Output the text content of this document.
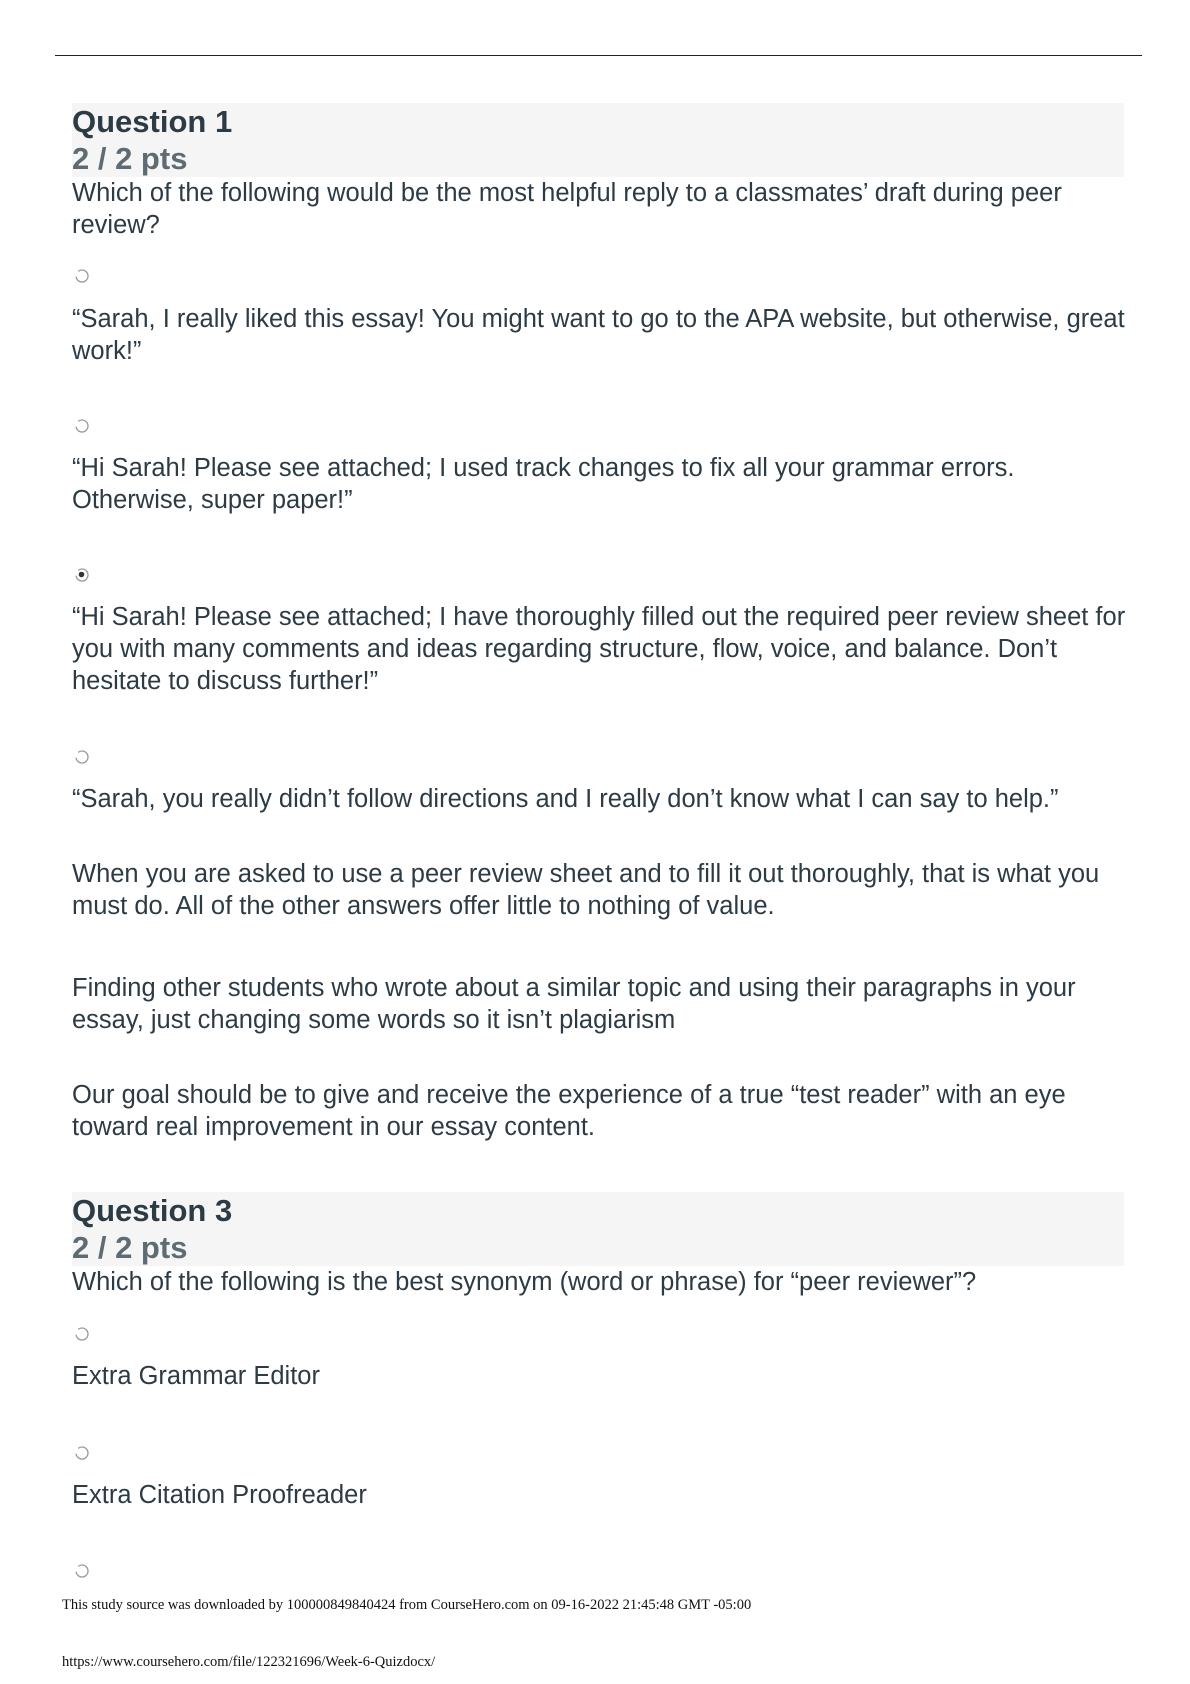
Question 1
2 / 2 pts
Which of the following would be the most helpful reply to a classmates’ draft during peer review?
“Sarah, I really liked this essay! You might want to go to the APA website, but otherwise, great work!”
“Hi Sarah! Please see attached; I used track changes to fix all your grammar errors. Otherwise, super paper!”
“Hi Sarah! Please see attached; I have thoroughly filled out the required peer review sheet for you with many comments and ideas regarding structure, flow, voice, and balance. Don’t hesitate to discuss further!”
“Sarah, you really didn’t follow directions and I really don’t know what I can say to help.”
When you are asked to use a peer review sheet and to fill it out thoroughly, that is what you must do. All of the other answers offer little to nothing of value.
Finding other students who wrote about a similar topic and using their paragraphs in your essay, just changing some words so it isn’t plagiarism
Our goal should be to give and receive the experience of a true “test reader” with an eye toward real improvement in our essay content.
Question 3
2 / 2 pts
Which of the following is the best synonym (word or phrase) for “peer reviewer”?
Extra Grammar Editor
Extra Citation Proofreader
This study source was downloaded by 100000849840424 from CourseHero.com on 09-16-2022 21:45:48 GMT -05:00
https://www.coursehero.com/file/122321696/Week-6-Quizdocx/
